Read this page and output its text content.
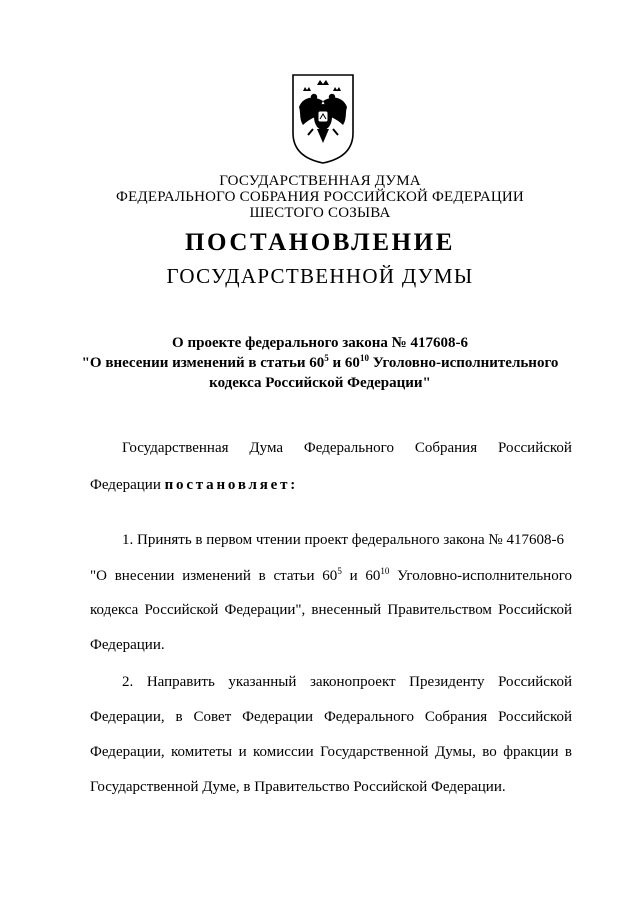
ГОСУДАРСТВЕННАЯ ДУМА
ФЕДЕРАЛЬНОГО СОБРАНИЯ РОССИЙСКОЙ ФЕДЕРАЦИИ
ШЕСТОГО СОЗЫВА
ПОСТАНОВЛЕНИЕ
ГОСУДАРСТВЕННОЙ ДУМЫ
О проекте федерального закона № 417608-6
"О внесении изменений в статьи $60^5$ и $60^{10}$ Уголовно-исполнительного
кодекса Российской Федерации"
Государственная Дума Федерального Собрания Российской
Федерации постановляет:
1. Принять в первом чтении проект федерального закона № 417608-6
"О внесении изменений в статьи $60^5$ и $60^{10}$ Уголовно-исполнительного
кодекса Российской Федерации", внесенный Правительством Российской
Федерации.
2. Направить указанный законопроект Президенту Российской
Федерации, в Совет Федерации Федерального Собрания Российской
Федерации, комитеты и комиссии Государственной Думы, во фракции в
Государственной Думе, в Правительство Российской Федерации.
